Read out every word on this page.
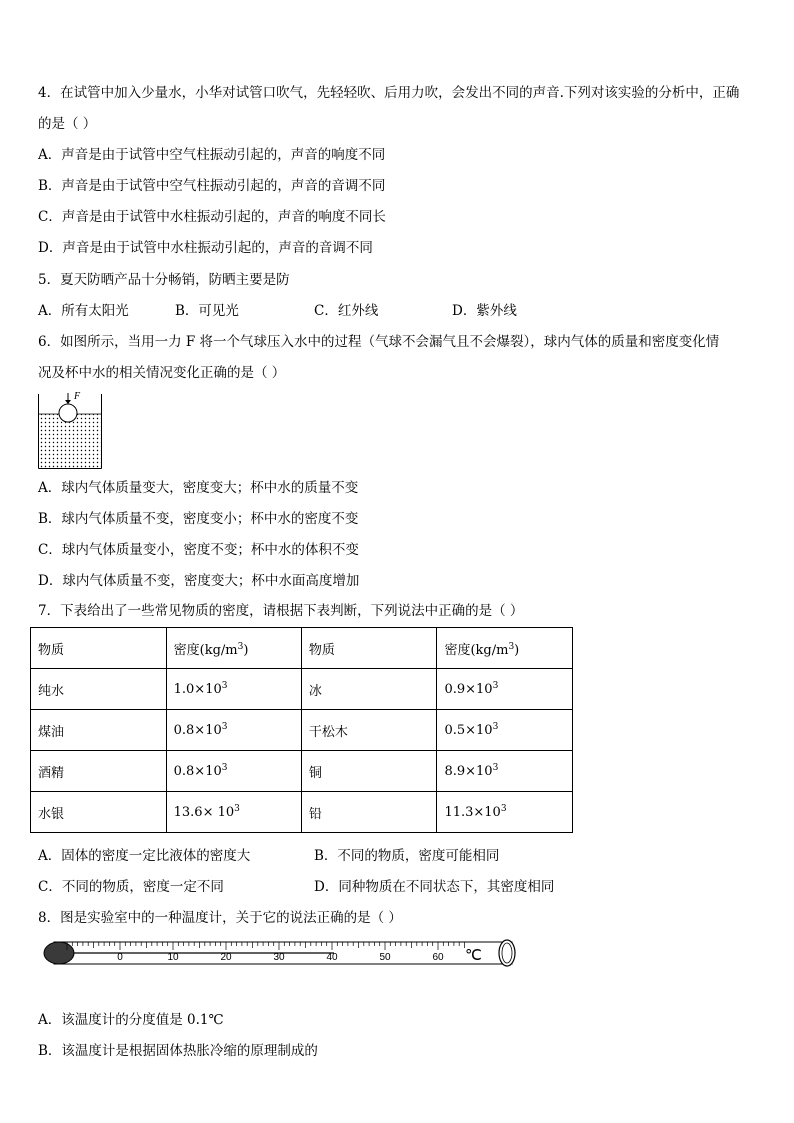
4．在试管中加入少量水，小华对试管口吹气，先轻轻吹、后用力吹，会发出不同的声音.下列对该实验的分析中，正确
的是（ ）
A．声音是由于试管中空气柱振动引起的，声音的响度不同
B．声音是由于试管中空气柱振动引起的，声音的音调不同
C．声音是由于试管中水柱振动引起的，声音的响度不同长
D．声音是由于试管中水柱振动引起的，声音的音调不同
5．夏天防晒产品十分畅销，防晒主要是防
A．所有太阳光	B．可见光	C．红外线	D．紫外线
6．如图所示，当用一力 F 将一个气球压入水中的过程（气球不会漏气且不会爆裂），球内气体的质量和密度变化情
况及杯中水的相关情况变化正确的是（ ）
F
A．球内气体质量变大，密度变大；杯中水的质量不变
B．球内气体质量不变，密度变小；杯中水的密度不变
C．球内气体质量变小，密度不变；杯中水的体积不变
D．球内气体质量不变，密度变大；杯中水面高度增加
7．下表给出了一些常见物质的密度，请根据下表判断，下列说法中正确的是（ ）
物质	密度$(kg/m^3)$	物质	密度$(kg/m^3)$
纯水	$1.0\times 10^3$	冰	$0.9\times 10^3$
煤油	$0.8\times 10^3$	干松木	$0.5\times 10^3$
酒精	$0.8\times 10^3$	铜	$8.9\times 10^3$
水银	$13.6\times 10^3$	铅	$11.3\times 10^3$
A．固体的密度一定比液体的密度大	B．不同的物质，密度可能相同
C．不同的物质，密度一定不同	D．同种物质在不同状态下，其密度相同
8．图是实验室中的一种温度计，关于它的说法正确的是（ ）
0	10	20	30	40	50	60 ℃
A．该温度计的分度值是 0.1℃
B．该温度计是根据固体热胀冷缩的原理制成的
